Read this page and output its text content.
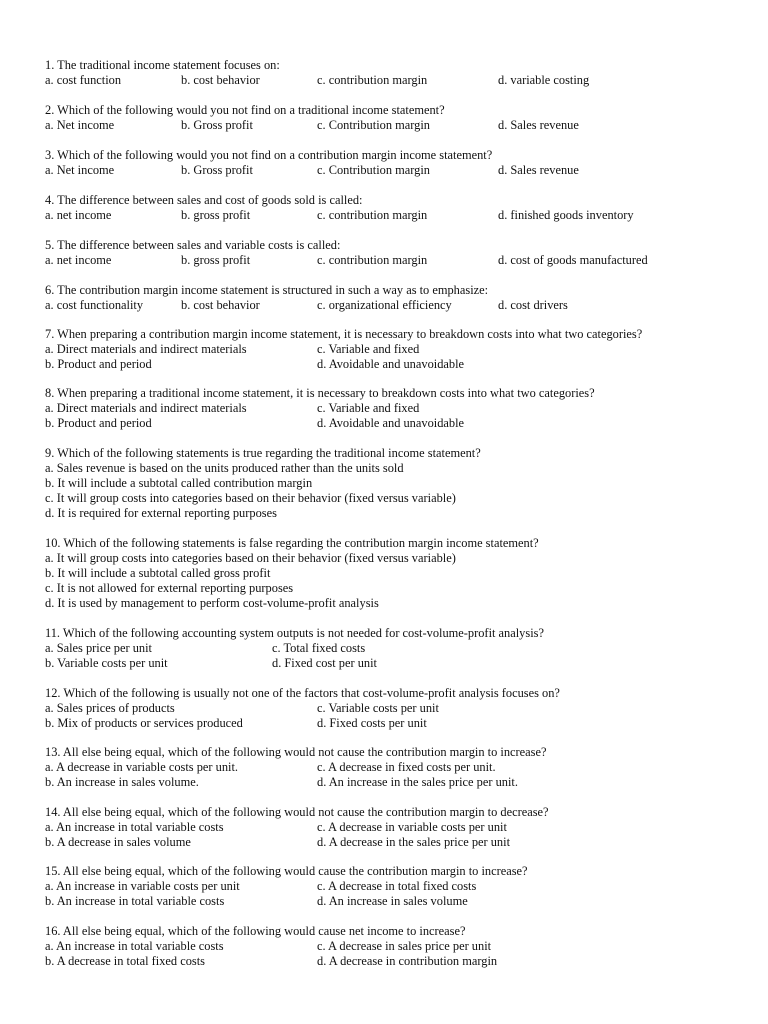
1. The traditional income statement focuses on:
a. cost function	b. cost behavior	c. contribution margin	d. variable costing
2. Which of the following would you not find on a traditional income statement?
a. Net income	b. Gross profit	c. Contribution margin	d. Sales revenue
3. Which of the following would you not find on a contribution margin income statement?
a. Net income	b. Gross profit	c. Contribution margin	d. Sales revenue
4. The difference between sales and cost of goods sold is called:
a. net income	b. gross profit	c. contribution margin	d. finished goods inventory
5. The difference between sales and variable costs is called:
a. net income	b. gross profit	c. contribution margin	d. cost of goods manufactured
6. The contribution margin income statement is structured in such a way as to emphasize:
a. cost functionality	b. cost behavior	c. organizational efficiency	d. cost drivers
7. When preparing a contribution margin income statement, it is necessary to breakdown costs into what two categories?
a. Direct materials and indirect materials	c. Variable and fixed
b. Product and period	d. Avoidable and unavoidable
8. When preparing a traditional income statement, it is necessary to breakdown costs into what two categories?
a. Direct materials and indirect materials	c. Variable and fixed
b. Product and period	d. Avoidable and unavoidable
9. Which of the following statements is true regarding the traditional income statement?
a. Sales revenue is based on the units produced rather than the units sold
b. It will include a subtotal called contribution margin
c. It will group costs into categories based on their behavior (fixed versus variable)
d. It is required for external reporting purposes
10. Which of the following statements is false regarding the contribution margin income statement?
a. It will group costs into categories based on their behavior (fixed versus variable)
b. It will include a subtotal called gross profit
c. It is not allowed for external reporting purposes
d. It is used by management to perform cost-volume-profit analysis
11. Which of the following accounting system outputs is not needed for cost-volume-profit analysis?
a. Sales price per unit	c. Total fixed costs
b. Variable costs per unit	d. Fixed cost per unit
12. Which of the following is usually not one of the factors that cost-volume-profit analysis focuses on?
a. Sales prices of products	c. Variable costs per unit
b. Mix of products or services produced	d. Fixed costs per unit
13. All else being equal, which of the following would not cause the contribution margin to increase?
a. A decrease in variable costs per unit.	c. A decrease in fixed costs per unit.
b. An increase in sales volume.	d. An increase in the sales price per unit.
14. All else being equal, which of the following would not cause the contribution margin to decrease?
a. An increase in total variable costs	c. A decrease in variable costs per unit
b. A decrease in sales volume	d. A decrease in the sales price per unit
15. All else being equal, which of the following would cause the contribution margin to increase?
a. An increase in variable costs per unit	c. A decrease in total fixed costs
b. An increase in total variable costs	d. An increase in sales volume
16. All else being equal, which of the following would cause net income to increase?
a. An increase in total variable costs	c. A decrease in sales price per unit
b. A decrease in total fixed costs	d. A decrease in contribution margin
